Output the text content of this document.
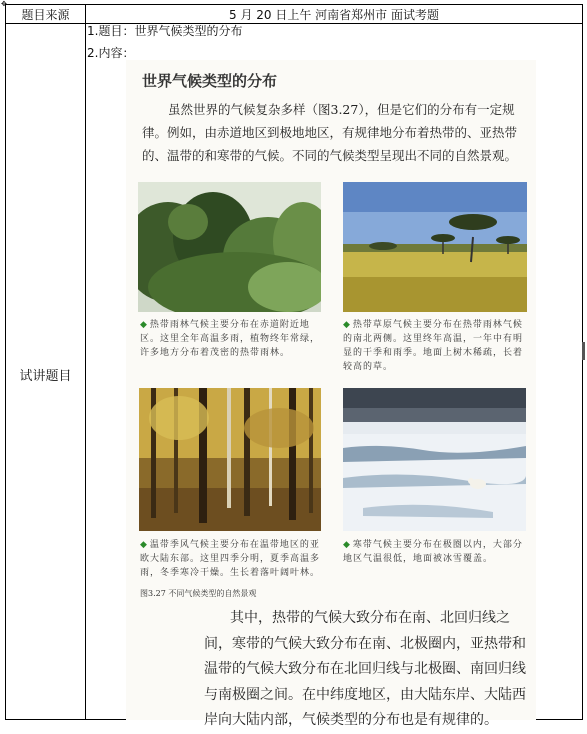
✥
题目来源	5 月 20 日上午 河南省郑州市 面试考题
试讲题目
1.题目：世界气候类型的分布
2.内容：
世界气候类型的分布
虽然世界的气候复杂多样（图3.27），但是它们的分布有一定规律。例如，由赤道地区到极地地区，有规律地分布着热带的、亚热带的、温带的和寒带的气候。不同的气候类型呈现出不同的自然景观。
◆ 热带雨林气候主要分布在赤道附近地区。这里全年高温多雨，植物终年常绿，许多地方分布着茂密的热带雨林。
◆ 热带草原气候主要分布在热带雨林气候的南北两侧。这里终年高温，一年中有明显的干季和雨季。地面上树木稀疏，长着较高的草。
◆ 温带季风气候主要分布在温带地区的亚欧大陆东部。这里四季分明，夏季高温多雨，冬季寒冷干燥。生长着落叶阔叶林。
◆ 寒带气候主要分布在极圈以内，大部分地区气温很低，地面被冰雪覆盖。
图3.27 不同气候类型的自然景观
其中，热带的气候大致分布在南、北回归线之间，寒带的气候大致分布在南、北极圈内，亚热带和温带的气候大致分布在北回归线与北极圈、南回归线与南极圈之间。在中纬度地区，由大陆东岸、大陆西岸向大陆内部，气候类型的分布也是有规律的。
